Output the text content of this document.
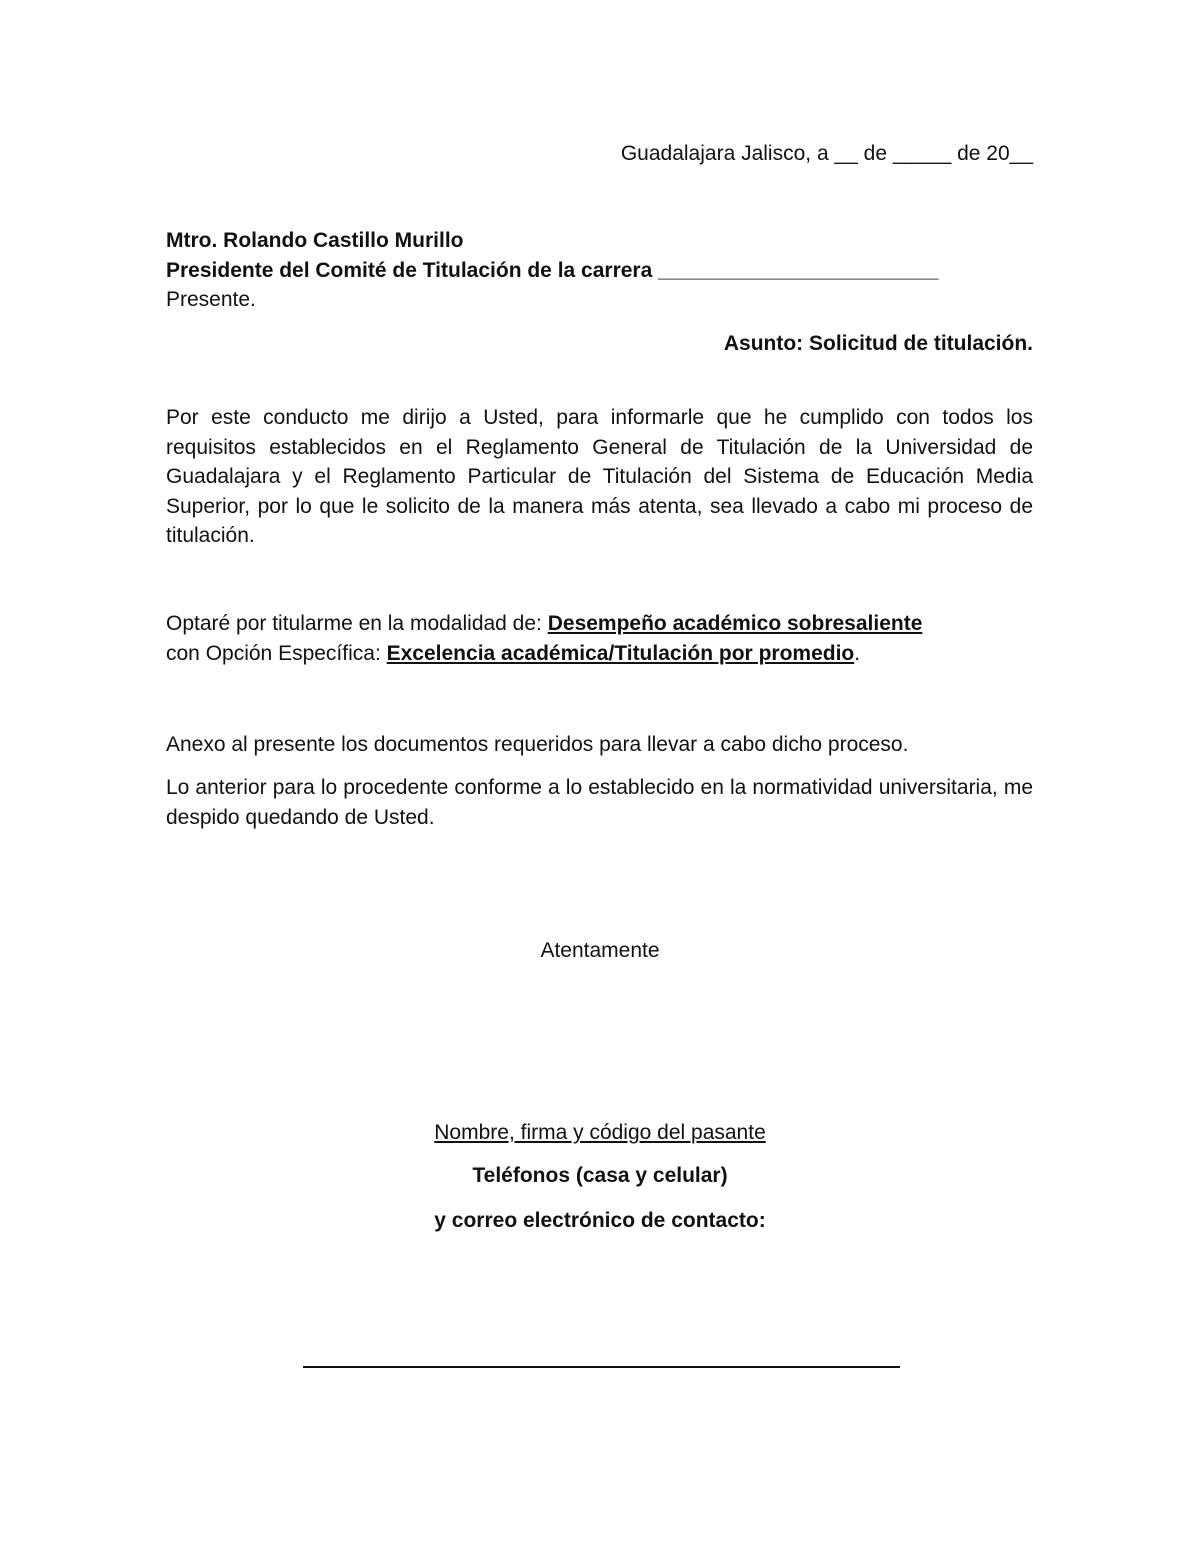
Guadalajara Jalisco, a __ de _____ de 20__
Mtro. Rolando Castillo Murillo
Presidente del Comité de Titulación de la carrera ________________________
Presente.
Asunto: Solicitud de titulación.
Por este conducto me dirijo a Usted, para informarle que he cumplido con todos los requisitos establecidos en el Reglamento General de Titulación de la Universidad de Guadalajara y el Reglamento Particular de Titulación del Sistema de Educación Media Superior, por lo que le solicito de la manera más atenta, sea llevado a cabo mi proceso de titulación.
Optaré por titularme en la modalidad de: Desempeño académico sobresaliente
con Opción Específica: Excelencia académica/Titulación por promedio.
Anexo al presente los documentos requeridos para llevar a cabo dicho proceso.
Lo anterior para lo procedente conforme a lo establecido en la normatividad universitaria, me despido quedando de Usted.
Atentamente
Nombre, firma y código del pasante
Teléfonos (casa y celular)
y correo electrónico de contacto:
